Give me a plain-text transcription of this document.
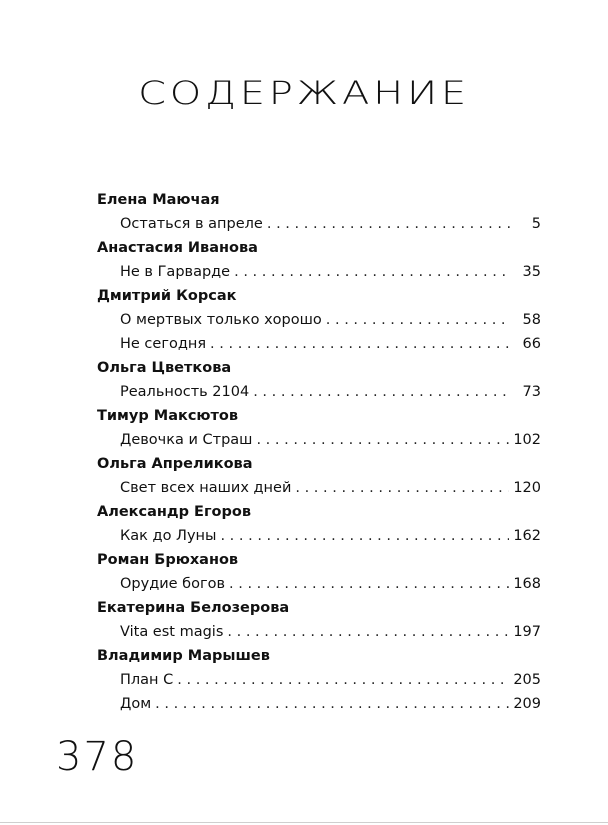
СОДЕРЖАНИЕ
Елена Маючая
Остаться в апреле . . .	5
Анастасия Иванова
Не в Гарварде . . .	35
Дмитрий Корсак
О мертвых только хорошо . . .	58
Не сегодня . . .	66
Ольга Цветкова
Реальность 2104 . . .	73
Тимур Максютов
Девочка и Страш . . .	102
Ольга Апреликова
Свет всех наших дней . . .	120
Александр Егоров
Как до Луны . . .	162
Роман Брюханов
Орудие богов . . .	168
Екатерина Белозерова
Vita est magis . . .	197
Владимир Марышев
План С . . .	205
Дом . . .	209
378
